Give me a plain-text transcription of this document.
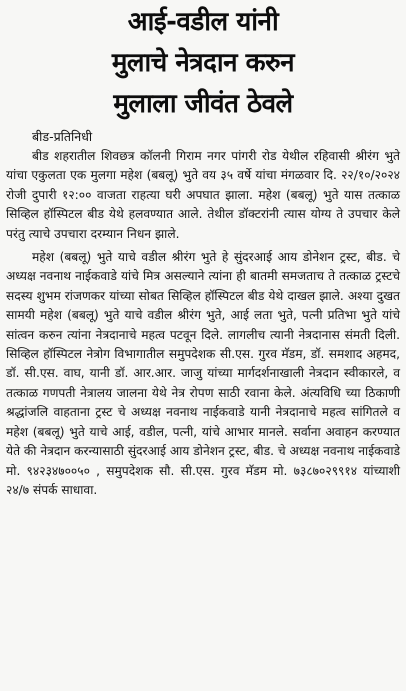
आई-वडील यांनी
मुलाचे नेत्रदान करुन
मुलाला जीवंत ठेवले
बीड-प्रतिनिधी

बीड शहरातील शिवछत्र कॉलनी गिराम नगर पांगरी रोड येथील रहिवासी श्रीरंग भुते यांचा एकुलता एक मुलगा महेश (बबलू) भुते वय ३५ वर्षे यांचा मंगळवार दि. २२/१०/२०२४ रोजी दुपारी १२:०० वाजता राहत्या घरी अपघात झाला. महेश (बबलू) भुते यास तत्काळ सिव्हिल हॉस्पिटल बीड येथे हलवण्यात आले. तेथील डॉक्टरांनी त्यास योग्य ते उपचार केले परंतु त्याचे उपचारा दरम्यान निधन झाले.

महेश (बबलू) भुते याचे वडील श्रीरंग भुते हे सुंदरआई आय डोनेशन ट्रस्ट, बीड. चे अध्यक्ष नवनाथ नाईकवाडे यांचे मित्र असल्याने त्यांना ही बातमी समजताच ते तत्काळ ट्रस्टचे सदस्य शुभम रांजणकर यांच्या सोबत सिव्हिल हॉस्पिटल बीड येथे दाखल झाले. अश्या दुखत सामयी महेश (बबलू) भुते याचे वडील श्रीरंग भुते, आई लता भुते, पत्नी प्रतिभा भुते यांचे सांत्वन करुन त्यांना नेत्रदानाचे महत्व पटवून दिले. लागलीच त्यानी नेत्रदानास संमती दिली. सिव्हिल हॉस्पिटल नेत्रोग विभागातील समुपदेशक सी.एस. गुरव मॅडम, डॉ. समशाद अहमद, डॉ. सी.एस. वाघ, यानी डॉ. आर.आर. जाजु यांच्या मार्गदर्शनाखाली नेत्रदान स्वीकारले, व तत्काळ गणपती नेत्रालय जालना येथे नेत्र रोपण साठी रवाना केले. अंत्यविधि च्या ठिकाणी श्रद्धांजलि वाहताना ट्रस्ट चे अध्यक्ष नवनाथ नाईकवाडे यानी नेत्रदानाचे महत्व सांगितले व महेश (बबलू) भुते याचे आई, वडील, पत्नी, यांचे आभार मानले. सर्वाना अवाहन करण्यात येते की नेत्रदान करन्यासाठी सुंदरआई आय डोनेशन ट्रस्ट, बीड. चे अध्यक्ष नवनाथ नाईकवाडे मो. ९४२३४७००५० , समुपदेशक सौ. सी.एस. गुरव मॅडम मो. ७३८७०२९९१४ यांच्याशी २४/७ संपर्क साधावा.
